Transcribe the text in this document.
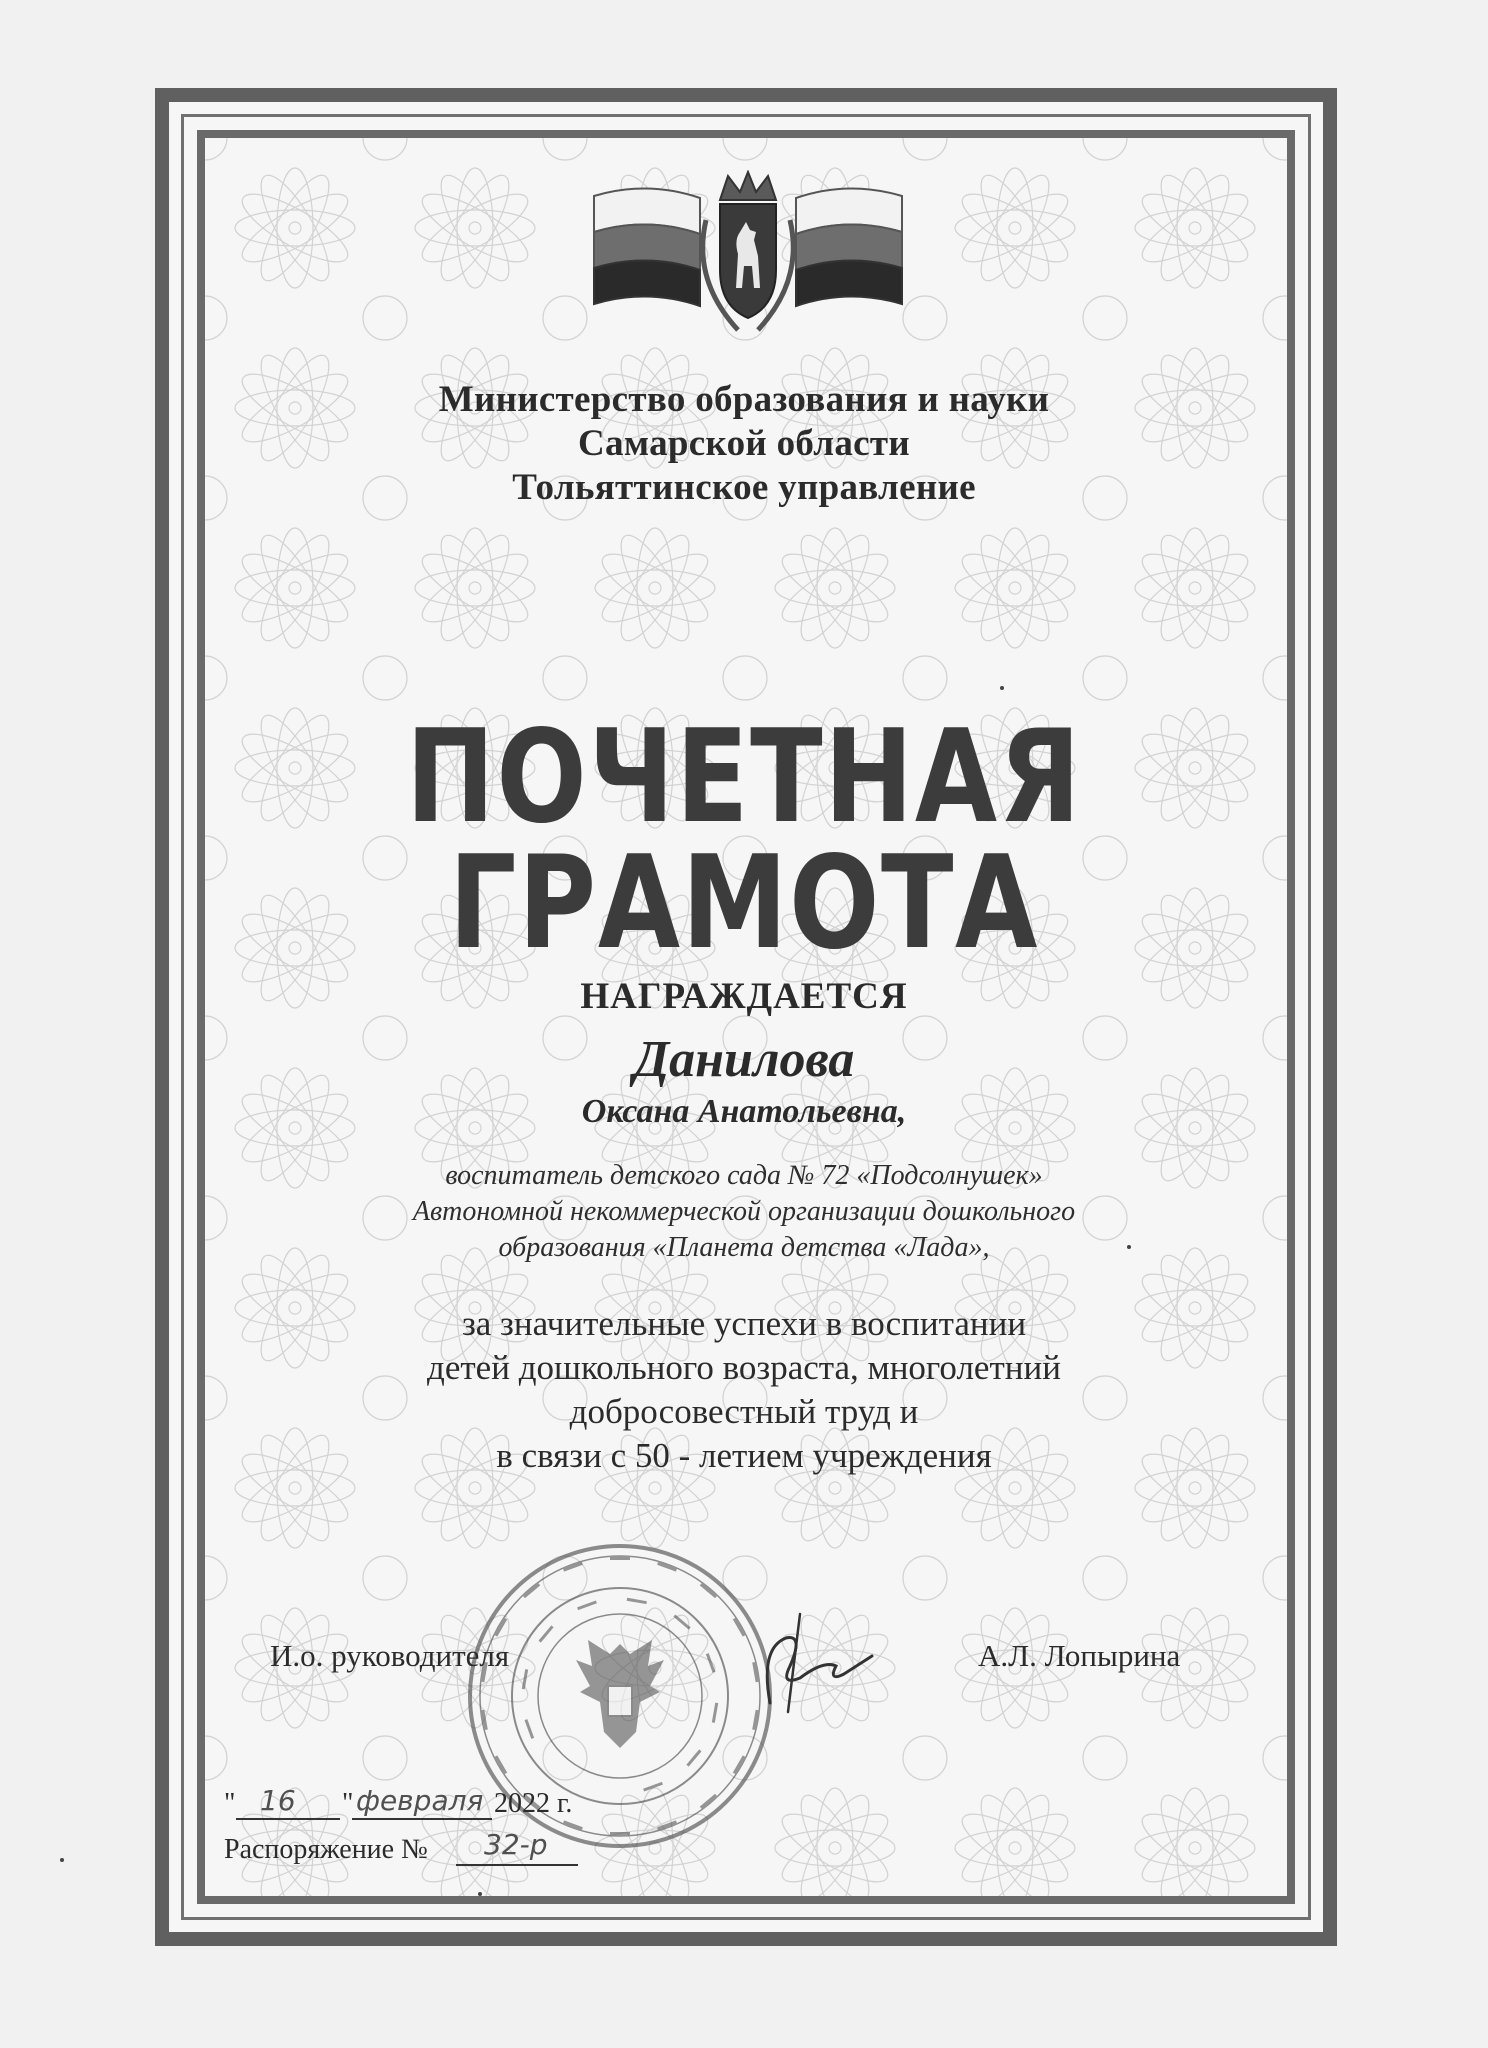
Министерство образования и науки
Самарской области
Тольяттинское управление
ПОЧЕТНАЯ
ГРАМОТА
НАГРАЖДАЕТСЯ
Данилова
Оксана Анатольевна,
воспитатель детского сада № 72 «Подсолнушек»
Автономной некоммерческой организации дошкольного
образования «Планета детства «Лада»,
за значительные успехи в воспитании
детей дошкольного возраста, многолетний
добросовестный труд и
в связи с 50 - летием учреждения
И.о. руководителя	А.Л. Лопырина
" 16 " февраля 2022 г.
Распоряжение № 32-р
